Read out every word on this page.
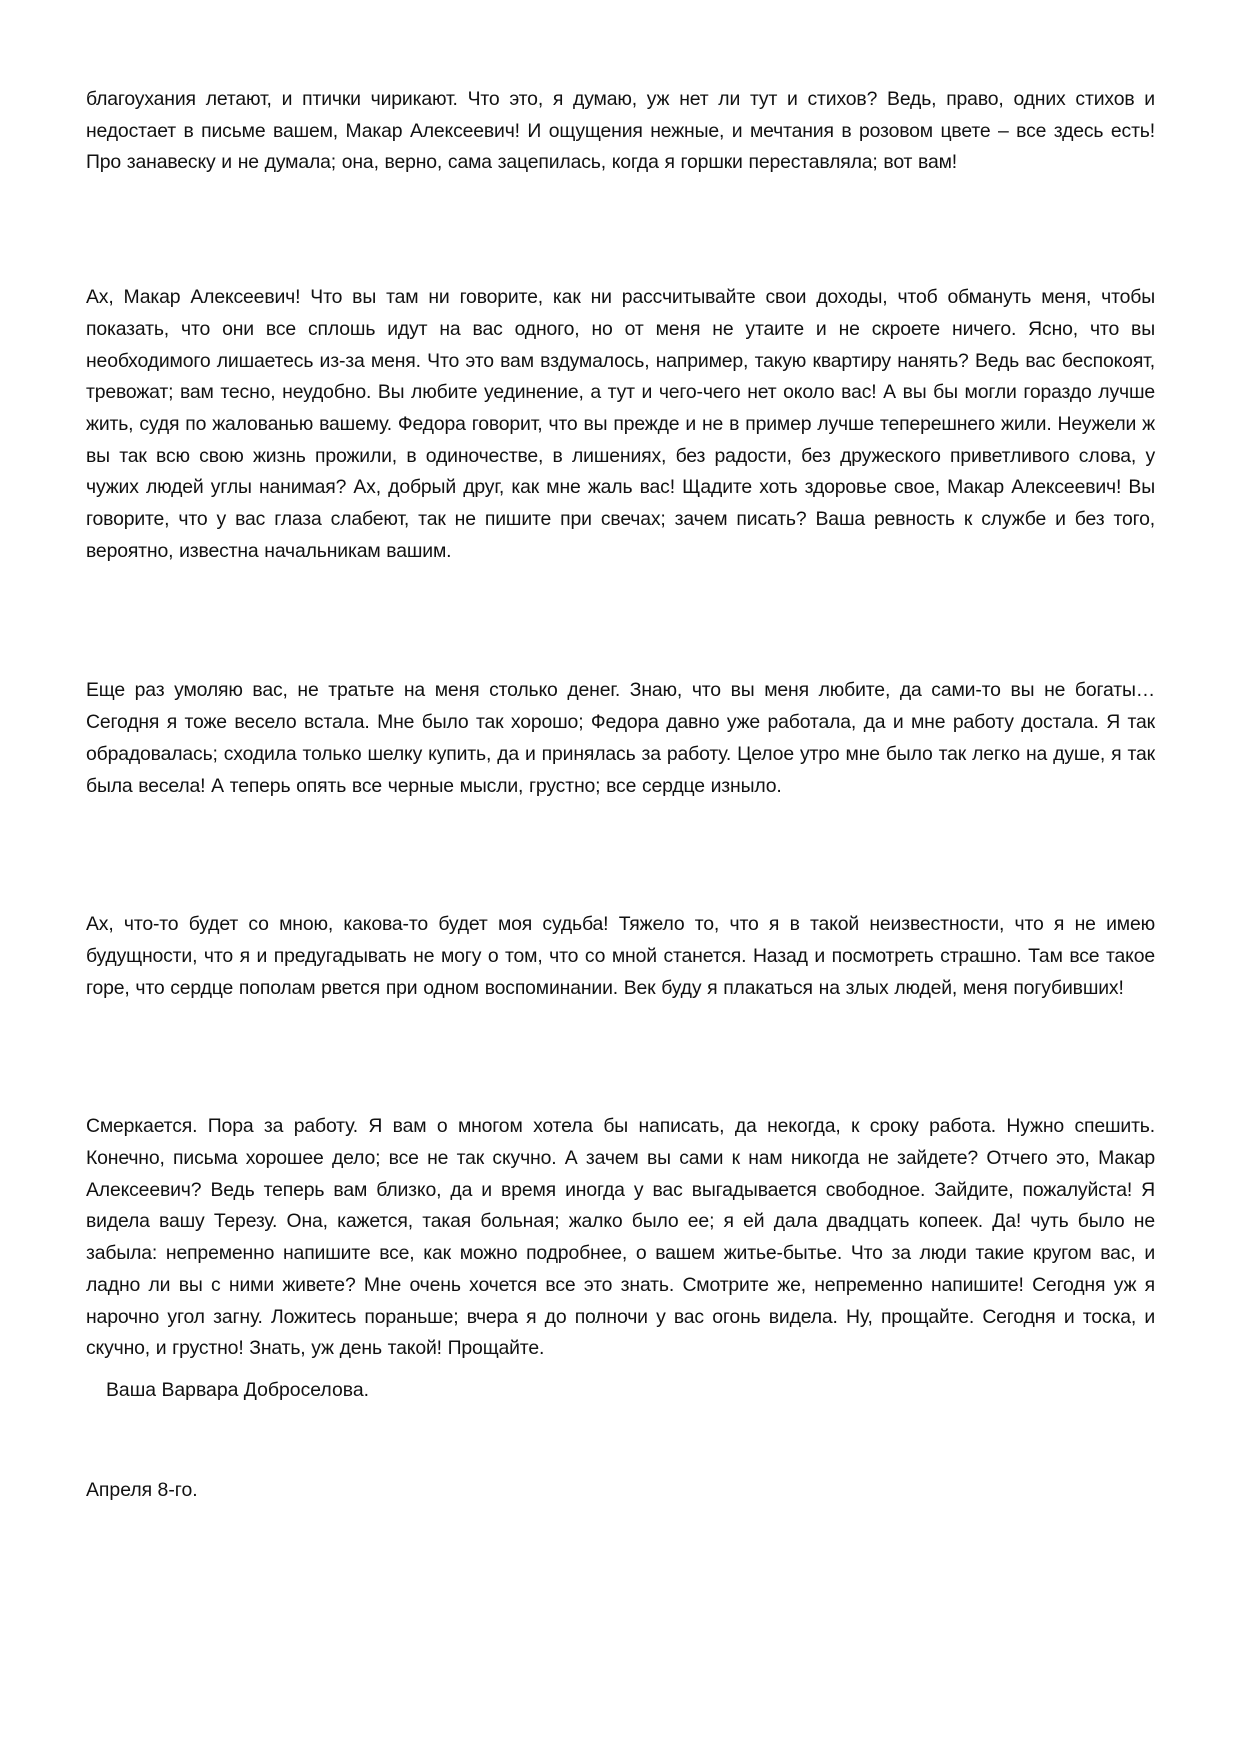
благоухания летают, и птички чирикают. Что это, я думаю, уж нет ли тут и стихов? Ведь, право, одних стихов и недостает в письме вашем, Макар Алексеевич! И ощущения нежные, и мечтания в розовом цвете – все здесь есть! Про занавеску и не думала; она, верно, сама зацепилась, когда я горшки переставляла; вот вам!

Ах, Макар Алексеевич! Что вы там ни говорите, как ни рассчитывайте свои доходы, чтоб обмануть меня, чтобы показать, что они все сплошь идут на вас одного, но от меня не утаите и не скроете ничего. Ясно, что вы необходимого лишаетесь из-за меня. Что это вам вздумалось, например, такую квартиру нанять? Ведь вас беспокоят, тревожат; вам тесно, неудобно. Вы любите уединение, а тут и чего-чего нет около вас! А вы бы могли гораздо лучше жить, судя по жалованью вашему. Федора говорит, что вы прежде и не в пример лучше теперешнего жили. Неужели ж вы так всю свою жизнь прожили, в одиночестве, в лишениях, без радости, без дружеского приветливого слова, у чужих людей углы нанимая? Ах, добрый друг, как мне жаль вас! Щадите хоть здоровье свое, Макар Алексеевич! Вы говорите, что у вас глаза слабеют, так не пишите при свечах; зачем писать? Ваша ревность к службе и без того, вероятно, известна начальникам вашим.

Еще раз умоляю вас, не тратьте на меня столько денег. Знаю, что вы меня любите, да сами-то вы не богаты… Сегодня я тоже весело встала. Мне было так хорошо; Федора давно уже работала, да и мне работу достала. Я так обрадовалась; сходила только шелку купить, да и принялась за работу. Целое утро мне было так легко на душе, я так была весела! А теперь опять все черные мысли, грустно; все сердце изныло.

Ах, что-то будет со мною, какова-то будет моя судьба! Тяжело то, что я в такой неизвестности, что я не имею будущности, что я и предугадывать не могу о том, что со мной станется. Назад и посмотреть страшно. Там все такое горе, что сердце пополам рвется при одном воспоминании. Век буду я плакаться на злых людей, меня погубивших!

Смеркается. Пора за работу. Я вам о многом хотела бы написать, да некогда, к сроку работа. Нужно спешить. Конечно, письма хорошее дело; все не так скучно. А зачем вы сами к нам никогда не зайдете? Отчего это, Макар Алексеевич? Ведь теперь вам близко, да и время иногда у вас выгадывается свободное. Зайдите, пожалуйста! Я видела вашу Терезу. Она, кажется, такая больная; жалко было ее; я ей дала двадцать копеек. Да! чуть было не забыла: непременно напишите все, как можно подробнее, о вашем житье-бытье. Что за люди такие кругом вас, и ладно ли вы с ними живете? Мне очень хочется все это знать. Смотрите же, непременно напишите! Сегодня уж я нарочно угол загну. Ложитесь пораньше; вчера я до полночи у вас огонь видела. Ну, прощайте. Сегодня и тоска, и скучно, и грустно! Знать, уж день такой! Прощайте.

Ваша Варвара Доброселова.

Апреля 8-го.
